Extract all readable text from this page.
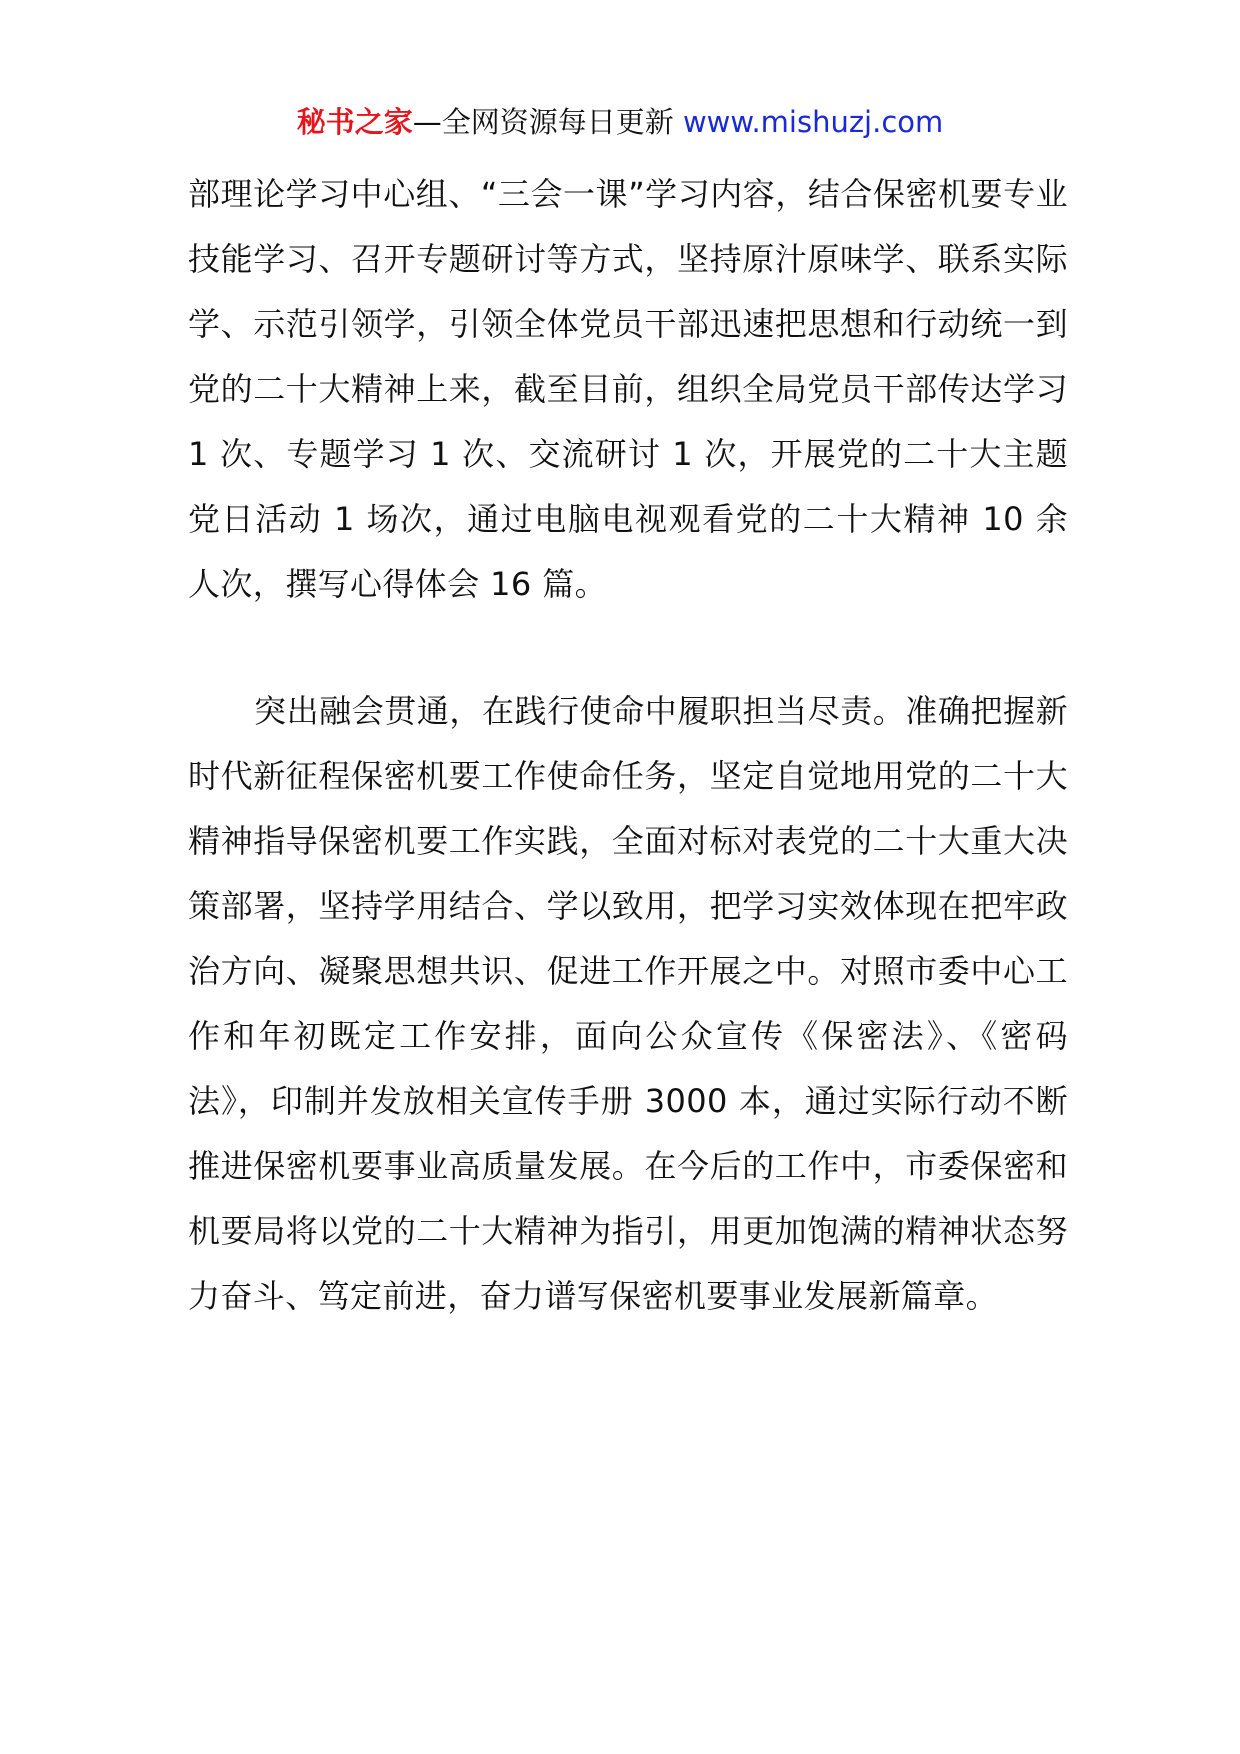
秘书之家—全网资源每日更新 www.mishuzj.com

部理论学习中心组、“三会一课”学习内容，结合保密机要专业技能学习、召开专题研讨等方式，坚持原汁原味学、联系实际学、示范引领学，引领全体党员干部迅速把思想和行动统一到党的二十大精神上来，截至目前，组织全局党员干部传达学习 1 次、专题学习 1 次、交流研讨 1 次，开展党的二十大主题党日活动 1 场次，通过电脑电视观看党的二十大精神 10 余人次，撰写心得体会 16 篇。

突出融会贯通，在践行使命中履职担当尽责。准确把握新时代新征程保密机要工作使命任务，坚定自觉地用党的二十大精神指导保密机要工作实践，全面对标对表党的二十大重大决策部署，坚持学用结合、学以致用，把学习实效体现在把牢政治方向、凝聚思想共识、促进工作开展之中。对照市委中心工作和年初既定工作安排，面向公众宣传《保密法》、《密码法》，印制并发放相关宣传手册 3000 本，通过实际行动不断推进保密机要事业高质量发展。在今后的工作中，市委保密和机要局将以党的二十大精神为指引，用更加饱满的精神状态努力奋斗、笃定前进，奋力谱写保密机要事业发展新篇章。
